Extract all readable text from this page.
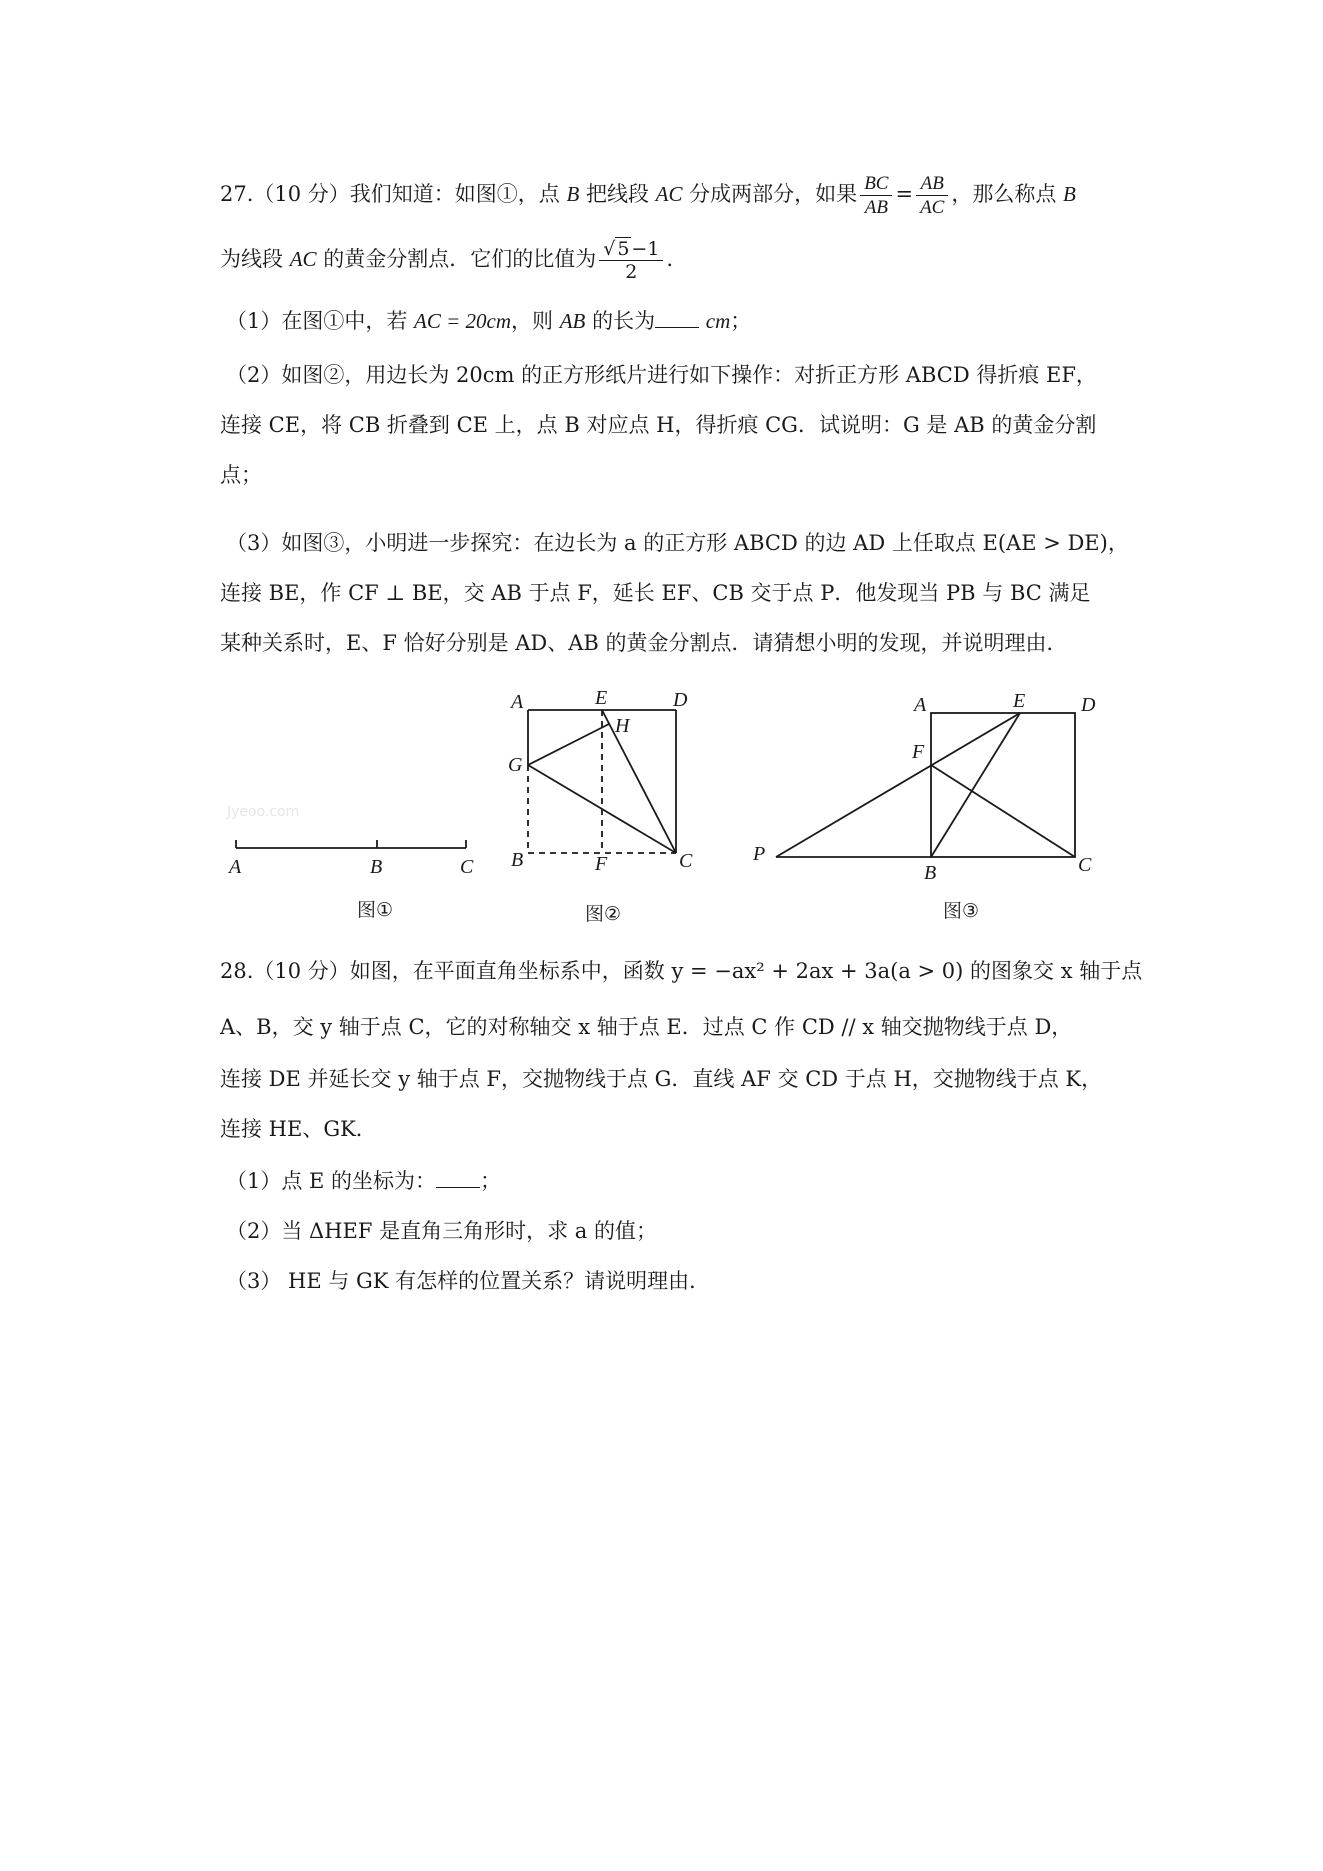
27.（10 分）我们知道：如图①，点 B 把线段 AC 分成两部分，如果 $\frac{BC}{AB} = \frac{AB}{AC}$ ，那么称点 B
为线段 AC 的黄金分割点．它们的比值为 $\frac{√ 5 -1}{2}$ ．
（1）在图①中，若 AC = 20cm，则 AB 的长为 cm；
（2）如图②，用边长为 20cm 的正方形纸片进行如下操作：对折正方形 ABCD 得折痕 EF，
连接 CE，将 CB 折叠到 CE 上，点 B 对应点 H，得折痕 CG．试说明：G 是 AB 的黄金分割
点；
（3）如图③，小明进一步探究：在边长为 a 的正方形 ABCD 的边 AD 上任取点 E(AE > DE)，
连接 BE，作 CF ⊥ BE，交 AB 于点 F，延长 EF、CB 交于点 P．他发现当 PB 与 BC 满足
某种关系时，E、F 恰好分别是 AD、AB 的黄金分割点．请猜想小明的发现，并说明理由．
Jyeoo.com
A	B	C
图①
A	E	D
H
G
B	F	C
图②
A	E	D
F
P
B	C
图③
28.（10 分）如图，在平面直角坐标系中，函数 y = −ax² + 2ax + 3a(a > 0) 的图象交 x 轴于点
A、B，交 y 轴于点 C，它的对称轴交 x 轴于点 E．过点 C 作 CD // x 轴交抛物线于点 D，
连接 DE 并延长交 y 轴于点 F，交抛物线于点 G．直线 AF 交 CD 于点 H，交抛物线于点 K，
连接 HE、GK．
（1）点 E 的坐标为： ；
（2）当 ΔHEF 是直角三角形时，求 a 的值；
（3） HE 与 GK 有怎样的位置关系？请说明理由．
